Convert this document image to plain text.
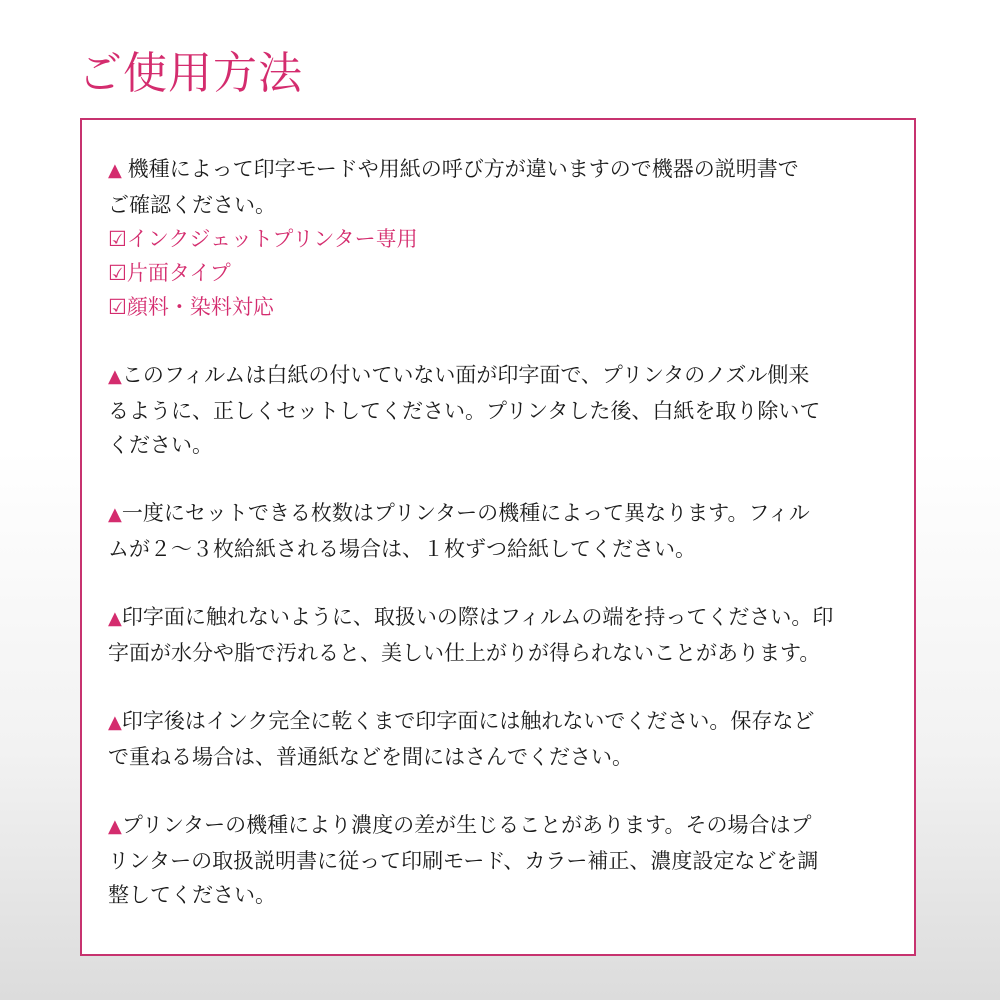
ご使用方法

▲ 機種によって印字モードや用紙の呼び方が違いますので機器の説明書で
ご確認ください。

☑インクジェットプリンター専用
☑片面タイプ
☑顔料・染料対応

▲このフィルムは白紙の付いていない面が印字面で、プリンタのノズル側来
るように、正しくセットしてください。プリンタした後、白紙を取り除いて
ください。

▲一度にセットできる枚数はプリンターの機種によって異なります。フィル
ムが２～３枚給紙される場合は、１枚ずつ給紙してください。

▲印字面に触れないように、取扱いの際はフィルムの端を持ってください。印
字面が水分や脂で汚れると、美しい仕上がりが得られないことがあります。

▲印字後はインク完全に乾くまで印字面には触れないでください。保存など
で重ねる場合は、普通紙などを間にはさんでください。

▲プリンターの機種により濃度の差が生じることがあります。その場合はプ
リンターの取扱説明書に従って印刷モード、カラー補正、濃度設定などを調
整してください。
